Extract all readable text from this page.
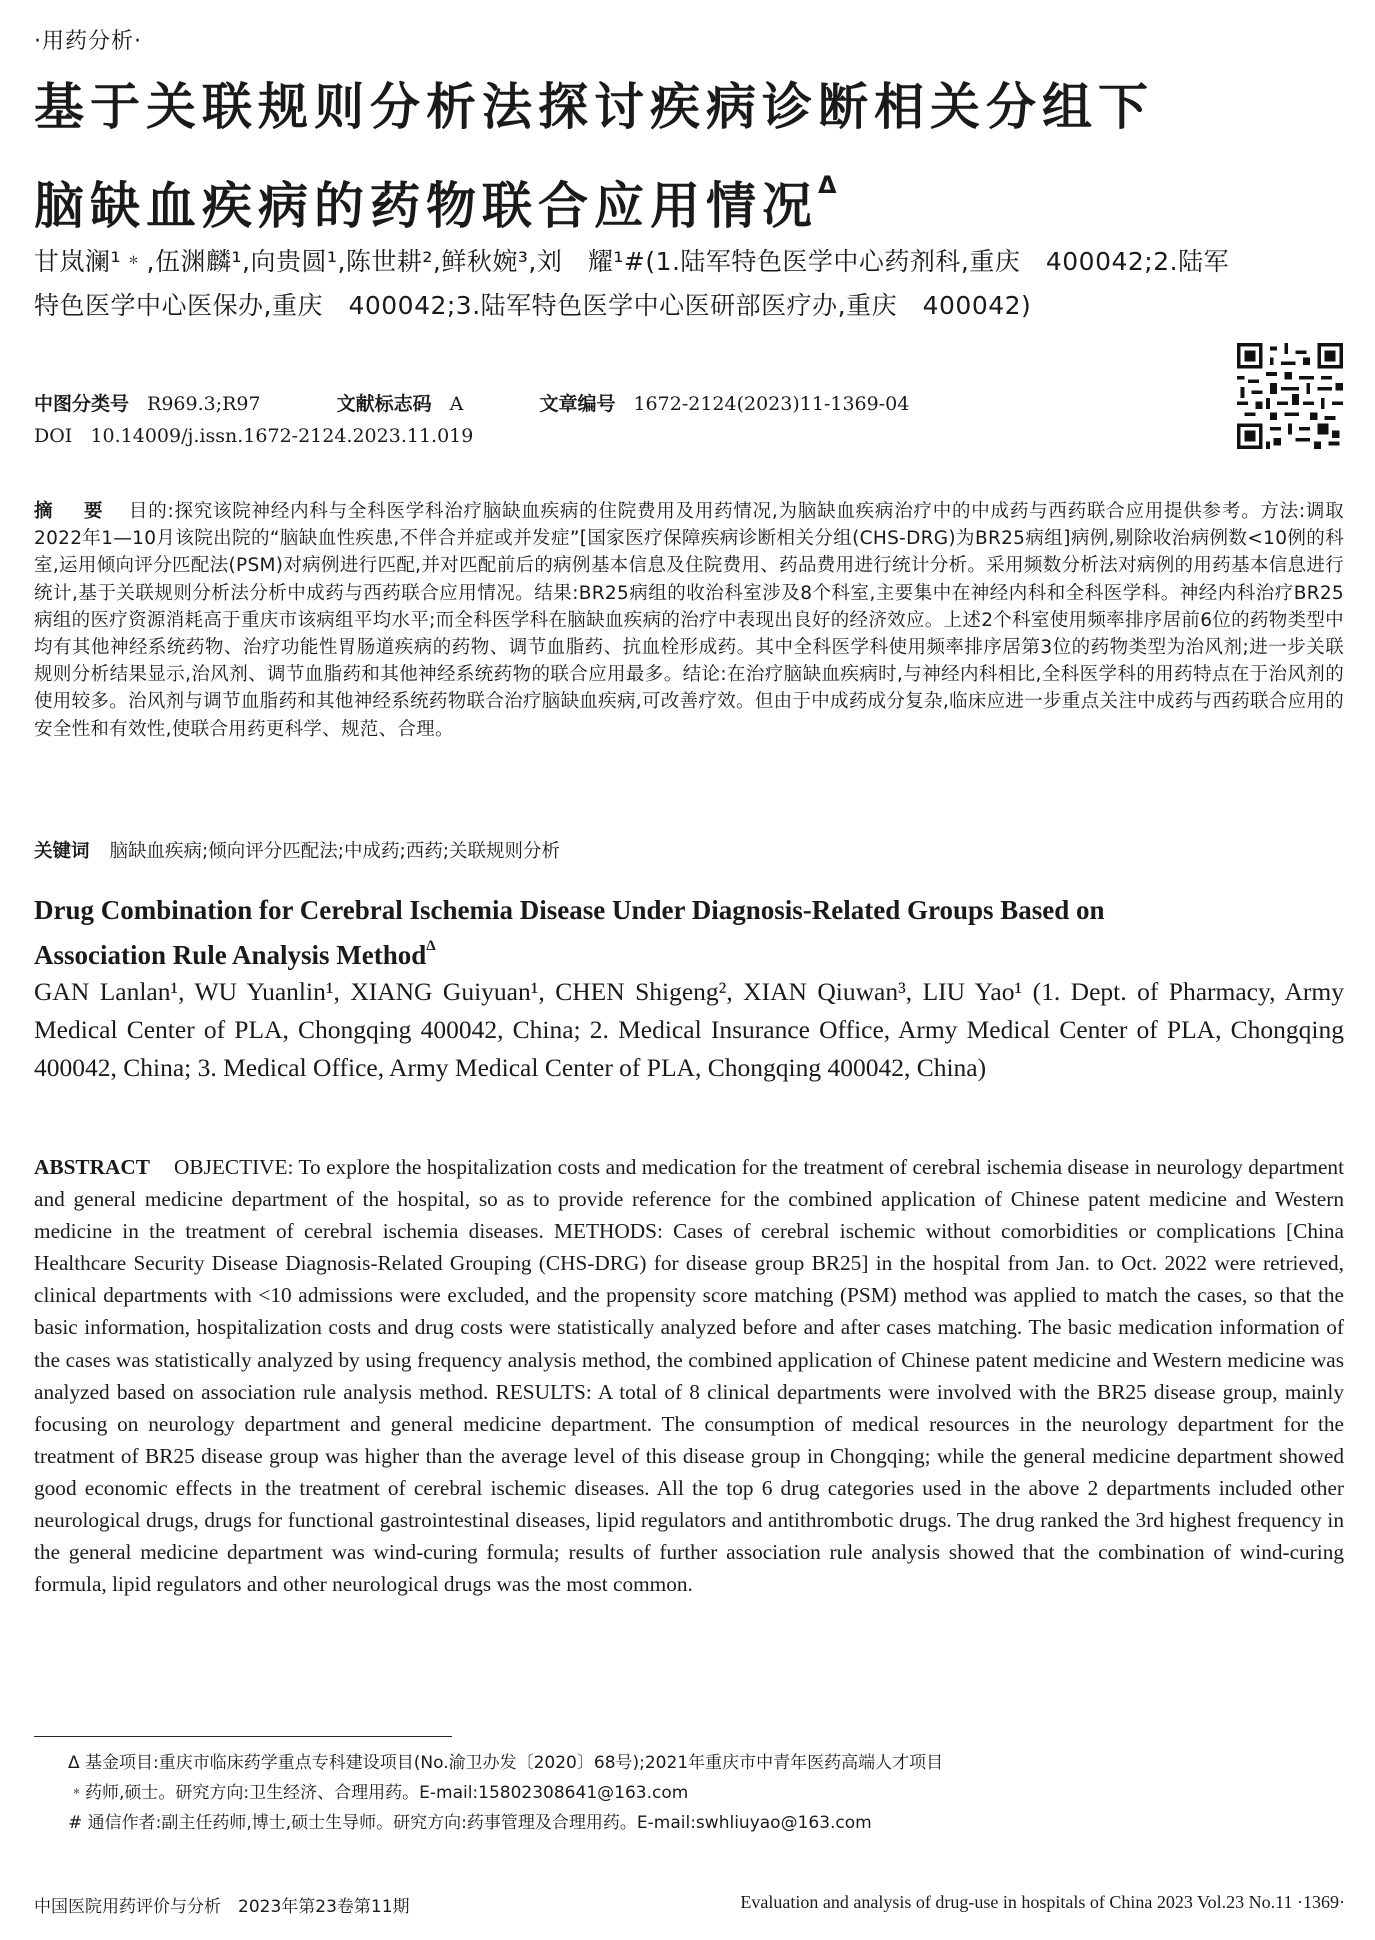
·用药分析·
基于关联规则分析法探讨疾病诊断相关分组下
脑缺血疾病的药物联合应用情况$^\Delta$
甘岚澜¹﹡,伍渊麟¹,向贵圆¹,陈世耕²,鲜秋婉³,刘　耀¹#(1.陆军特色医学中心药剂科,重庆　400042;2.陆军
特色医学中心医保办,重庆　400042;3.陆军特色医学中心医研部医疗办,重庆　400042)
中图分类号 R969.3;R97	文献标志码 A	文章编号 1672-2124(2023)11-1369-04
DOI 10.14009/j.issn.1672-2124.2023.11.019
摘　要 目的:探究该院神经内科与全科医学科治疗脑缺血疾病的住院费用及用药情况,为脑缺血疾病治疗中的中成药与西药联合应用提供参考。方法:调取2022年1—10月该院出院的“脑缺血性疾患,不伴合并症或并发症”[国家医疗保障疾病诊断相关分组(CHS-DRG)为BR25病组]病例,剔除收治病例数<10例的科室,运用倾向评分匹配法(PSM)对病例进行匹配,并对匹配前后的病例基本信息及住院费用、药品费用进行统计分析。采用频数分析法对病例的用药基本信息进行统计,基于关联规则分析法分析中成药与西药联合应用情况。结果:BR25病组的收治科室涉及8个科室,主要集中在神经内科和全科医学科。神经内科治疗BR25病组的医疗资源消耗高于重庆市该病组平均水平;而全科医学科在脑缺血疾病的治疗中表现出良好的经济效应。上述2个科室使用频率排序居前6位的药物类型中均有其他神经系统药物、治疗功能性胃肠道疾病的药物、调节血脂药、抗血栓形成药。其中全科医学科使用频率排序居第3位的药物类型为治风剂;进一步关联规则分析结果显示,治风剂、调节血脂药和其他神经系统药物的联合应用最多。结论:在治疗脑缺血疾病时,与神经内科相比,全科医学科的用药特点在于治风剂的使用较多。治风剂与调节血脂药和其他神经系统药物联合治疗脑缺血疾病,可改善疗效。但由于中成药成分复杂,临床应进一步重点关注中成药与西药联合应用的安全性和有效性,使联合用药更科学、规范、合理。
关键词 脑缺血疾病;倾向评分匹配法;中成药;西药;关联规则分析
Drug Combination for Cerebral Ischemia Disease Under Diagnosis-Related Groups Based on
Association Rule Analysis Method$^\Delta$
GAN Lanlan¹, WU Yuanlin¹, XIANG Guiyuan¹, CHEN Shigeng², XIAN Qiuwan³, LIU Yao¹ (1. Dept. of Pharmacy, Army Medical Center of PLA, Chongqing 400042, China; 2. Medical Insurance Office, Army Medical Center of PLA, Chongqing 400042, China; 3. Medical Office, Army Medical Center of PLA, Chongqing 400042, China)
ABSTRACT OBJECTIVE: To explore the hospitalization costs and medication for the treatment of cerebral ischemia disease in neurology department and general medicine department of the hospital, so as to provide reference for the combined application of Chinese patent medicine and Western medicine in the treatment of cerebral ischemia diseases. METHODS: Cases of cerebral ischemic without comorbidities or complications [China Healthcare Security Disease Diagnosis-Related Grouping (CHS-DRG) for disease group BR25] in the hospital from Jan. to Oct. 2022 were retrieved, clinical departments with <10 admissions were excluded, and the propensity score matching (PSM) method was applied to match the cases, so that the basic information, hospitalization costs and drug costs were statistically analyzed before and after cases matching. The basic medication information of the cases was statistically analyzed by using frequency analysis method, the combined application of Chinese patent medicine and Western medicine was analyzed based on association rule analysis method. RESULTS: A total of 8 clinical departments were involved with the BR25 disease group, mainly focusing on neurology department and general medicine department. The consumption of medical resources in the neurology department for the treatment of BR25 disease group was higher than the average level of this disease group in Chongqing; while the general medicine department showed good economic effects in the treatment of cerebral ischemic diseases. All the top 6 drug categories used in the above 2 departments included other neurological drugs, drugs for functional gastrointestinal diseases, lipid regulators and antithrombotic drugs. The drug ranked the 3rd highest frequency in the general medicine department was wind-curing formula; results of further association rule analysis showed that the combination of wind-curing formula, lipid regulators and other neurological drugs was the most common.
Δ 基金项目:重庆市临床药学重点专科建设项目(No.渝卫办发〔2020〕68号);2021年重庆市中青年医药高端人才项目
﹡药师,硕士。研究方向:卫生经济、合理用药。E-mail:15802308641@163.com
# 通信作者:副主任药师,博士,硕士生导师。研究方向:药事管理及合理用药。E-mail:swhliuyao@163.com
中国医院用药评价与分析　2023年第23卷第11期	Evaluation and analysis of drug-use in hospitals of China 2023 Vol.23 No.11 ·1369·
